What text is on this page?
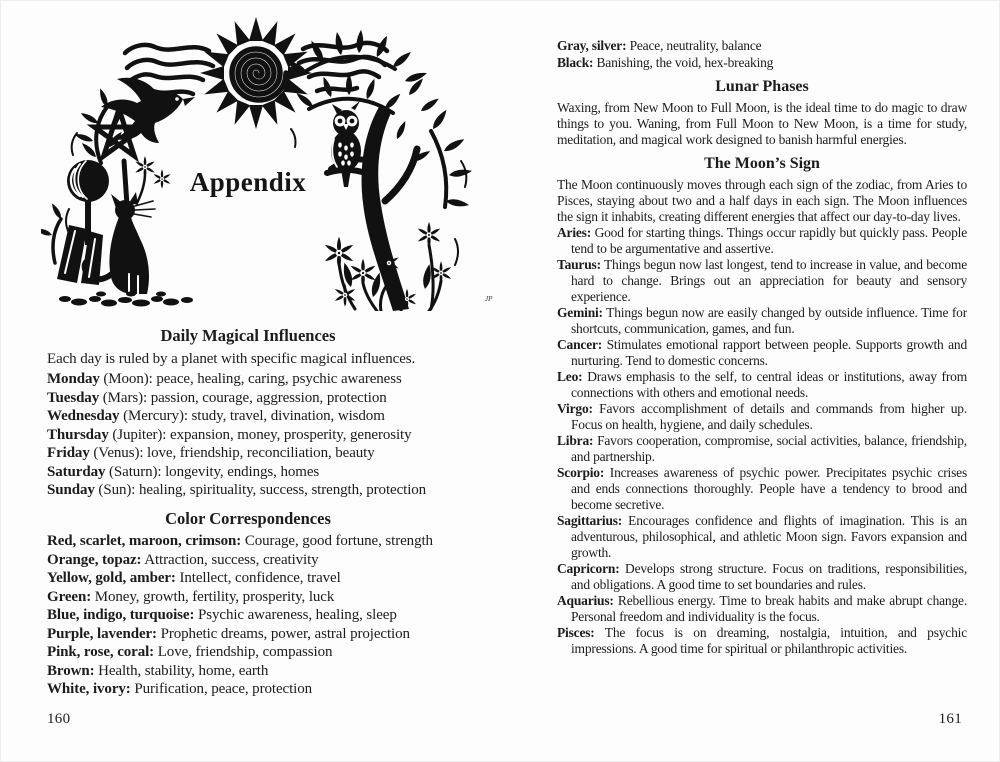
JP
Appendix
Daily Magical Influences

Each day is ruled by a planet with specific magical influences.

Monday (Moon): peace, healing, caring, psychic awareness
Tuesday (Mars): passion, courage, aggression, protection
Wednesday (Mercury): study, travel, divination, wisdom
Thursday (Jupiter): expansion, money, prosperity, generosity
Friday (Venus): love, friendship, reconciliation, beauty
Saturday (Saturn): longevity, endings, homes
Sunday (Sun): healing, spirituality, success, strength, protection
Color Correspondences
Red, scarlet, maroon, crimson: Courage, good fortune, strength
Orange, topaz: Attraction, success, creativity
Yellow, gold, amber: Intellect, confidence, travel
Green: Money, growth, fertility, prosperity, luck
Blue, indigo, turquoise: Psychic awareness, healing, sleep
Purple, lavender: Prophetic dreams, power, astral projection
Pink, rose, coral: Love, friendship, compassion
Brown: Health, stability, home, earth
White, ivory: Purification, peace, protection
160
Gray, silver: Peace, neutrality, balance
Black: Banishing, the void, hex-breaking
Lunar Phases

Waxing, from New Moon to Full Moon, is the ideal time to do magic to draw things to you. Waning, from Full Moon to New Moon, is a time for study, meditation, and magical work designed to banish harmful energies.

The Moon’s Sign

The Moon continuously moves through each sign of the zodiac, from Aries to Pisces, staying about two and a half days in each sign. The Moon influences the sign it inhabits, creating different energies that affect our day-to-day lives.

Aries: Good for starting things. Things occur rapidly but quickly pass. People tend to be argumentative and assertive.
Taurus: Things begun now last longest, tend to increase in value, and become hard to change. Brings out an appreciation for beauty and sensory experience.
Gemini: Things begun now are easily changed by outside influence. Time for shortcuts, communication, games, and fun.
Cancer: Stimulates emotional rapport between people. Supports growth and nurturing. Tend to domestic concerns.
Leo: Draws emphasis to the self, to central ideas or institutions, away from connections with others and emotional needs.
Virgo: Favors accomplishment of details and commands from higher up. Focus on health, hygiene, and daily schedules.
Libra: Favors cooperation, compromise, social activities, balance, friendship, and partnership.
Scorpio: Increases awareness of psychic power. Precipitates psychic crises and ends connections thoroughly. People have a tendency to brood and become secretive.
Sagittarius: Encourages confidence and flights of imagination. This is an adventurous, philosophical, and athletic Moon sign. Favors expansion and growth.
Capricorn: Develops strong structure. Focus on traditions, responsibilities, and obligations. A good time to set boundaries and rules.
Aquarius: Rebellious energy. Time to break habits and make abrupt change. Personal freedom and individuality is the focus.
Pisces: The focus is on dreaming, nostalgia, intuition, and psychic impressions. A good time for spiritual or philanthropic activities.
161
